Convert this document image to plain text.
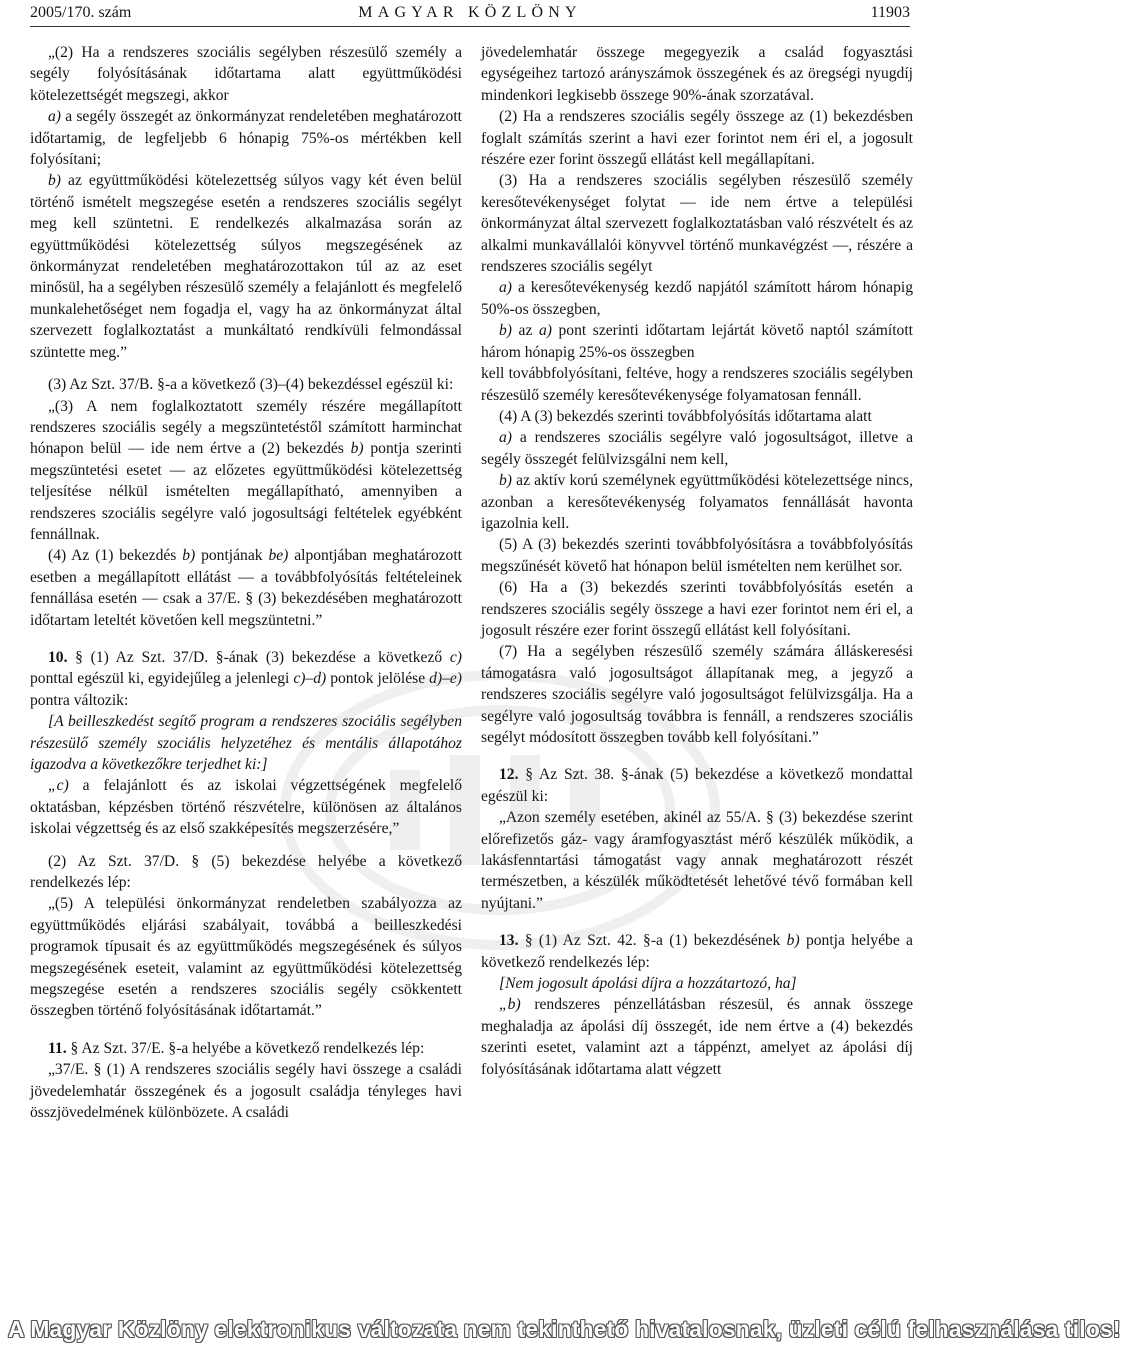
2005/170. szám	MAGYAR KÖZLÖNY	11903

„(2) Ha a rendszeres szociális segélyben részesülő személy a segély folyósításának időtartama alatt együttműködési kötelezettségét megszegi, akkor

a) a segély összegét az önkormányzat rendeletében meghatározott időtartamig, de legfeljebb 6 hónapig 75%-os mértékben kell folyósítani;

b) az együttműködési kötelezettség súlyos vagy két éven belül történő ismételt megszegése esetén a rendszeres szociális segélyt meg kell szüntetni. E rendelkezés alkalmazása során az együttműködési kötelezettség súlyos megszegésének az önkormányzat rendeletében meghatározottakon túl az az eset minősül, ha a segélyben részesülő személy a felajánlott és megfelelő munkalehetőséget nem fogadja el, vagy ha az önkormányzat által szervezett foglalkoztatást a munkáltató rendkívüli felmondással szüntette meg.”

(3) Az Szt. 37/B. §-a a következő (3)–(4) bekezdéssel egészül ki:

„(3) A nem foglalkoztatott személy részére megállapított rendszeres szociális segély a megszüntetéstől számított harminchat hónapon belül — ide nem értve a (2) bekezdés b) pontja szerinti megszüntetési esetet — az előzetes együttműködési kötelezettség teljesítése nélkül ismételten megállapítható, amennyiben a rendszeres szociális segélyre való jogosultsági feltételek egyébként fennállnak.

(4) Az (1) bekezdés b) pontjának be) alpontjában meghatározott esetben a megállapított ellátást — a továbbfolyósítás feltételeinek fennállása esetén — csak a 37/E. § (3) bekezdésében meghatározott időtartam leteltét követően kell megszüntetni.”

10. § (1) Az Szt. 37/D. §-ának (3) bekezdése a következő c) ponttal egészül ki, egyidejűleg a jelenlegi c)–d) pontok jelölése d)–e) pontra változik:

[A beilleszkedést segítő program a rendszeres szociális segélyben részesülő személy szociális helyzetéhez és mentális állapotához igazodva a következőkre terjedhet ki:]

„c) a felajánlott és az iskolai végzettségének megfelelő oktatásban, képzésben történő részvételre, különösen az általános iskolai végzettség és az első szakképesítés megszerzésére,”

(2) Az Szt. 37/D. § (5) bekezdése helyébe a következő rendelkezés lép:

„(5) A települési önkormányzat rendeletben szabályozza az együttműködés eljárási szabályait, továbbá a beilleszkedési programok típusait és az együttműködés megszegésének és súlyos megszegésének eseteit, valamint az együttműködési kötelezettség megszegése esetén a rendszeres szociális segély csökkentett összegben történő folyósításának időtartamát.”

11. § Az Szt. 37/E. §-a helyébe a következő rendelkezés lép:

„37/E. § (1) A rendszeres szociális segély havi összege a családi jövedelemhatár összegének és a jogosult családja tényleges havi összjövedelmének különbözete. A családi

jövedelemhatár összege megegyezik a család fogyasztási egységeihez tartozó arányszámok összegének és az öregségi nyugdíj mindenkori legkisebb összege 90%-ának szorzatával.

(2) Ha a rendszeres szociális segély összege az (1) bekezdésben foglalt számítás szerint a havi ezer forintot nem éri el, a jogosult részére ezer forint összegű ellátást kell megállapítani.

(3) Ha a rendszeres szociális segélyben részesülő személy keresőtevékenységet folytat — ide nem értve a települési önkormányzat által szervezett foglalkoztatásban való részvételt és az alkalmi munkavállalói könyvvel történő munkavégzést —, részére a rendszeres szociális segélyt

a) a keresőtevékenység kezdő napjától számított három hónapig 50%-os összegben,

b) az a) pont szerinti időtartam lejártát követő naptól számított három hónapig 25%-os összegben

kell továbbfolyósítani, feltéve, hogy a rendszeres szociális segélyben részesülő személy keresőtevékenysége folyamatosan fennáll.

(4) A (3) bekezdés szerinti továbbfolyósítás időtartama alatt

a) a rendszeres szociális segélyre való jogosultságot, illetve a segély összegét felülvizsgálni nem kell,

b) az aktív korú személynek együttműködési kötelezettsége nincs, azonban a keresőtevékenység folyamatos fennállását havonta igazolnia kell.

(5) A (3) bekezdés szerinti továbbfolyósításra a továbbfolyósítás megszűnését követő hat hónapon belül ismételten nem kerülhet sor.

(6) Ha a (3) bekezdés szerinti továbbfolyósítás esetén a rendszeres szociális segély összege a havi ezer forintot nem éri el, a jogosult részére ezer forint összegű ellátást kell folyósítani.

(7) Ha a segélyben részesülő személy számára álláskeresési támogatásra való jogosultságot állapítanak meg, a jegyző a rendszeres szociális segélyre való jogosultságot felülvizsgálja. Ha a segélyre való jogosultság továbbra is fennáll, a rendszeres szociális segélyt módosított összegben tovább kell folyósítani.”

12. § Az Szt. 38. §-ának (5) bekezdése a következő mondattal egészül ki:

„Azon személy esetében, akinél az 55/A. § (3) bekezdése szerint előrefizetős gáz- vagy áramfogyasztást mérő készülék működik, a lakásfenntartási támogatást vagy annak meghatározott részét természetben, a készülék működtetését lehetővé tévő formában kell nyújtani.”

13. § (1) Az Szt. 42. §-a (1) bekezdésének b) pontja helyébe a következő rendelkezés lép:

[Nem jogosult ápolási díjra a hozzátartozó, ha]

„b) rendszeres pénzellátásban részesül, és annak összege meghaladja az ápolási díj összegét, ide nem értve a (4) bekezdés szerinti esetet, valamint azt a táppénzt, amelyet az ápolási díj folyósításának időtartama alatt végzett

A Magyar Közlöny elektronikus változata nem tekinthető hivatalosnak, üzleti célú felhasználása tilos!
